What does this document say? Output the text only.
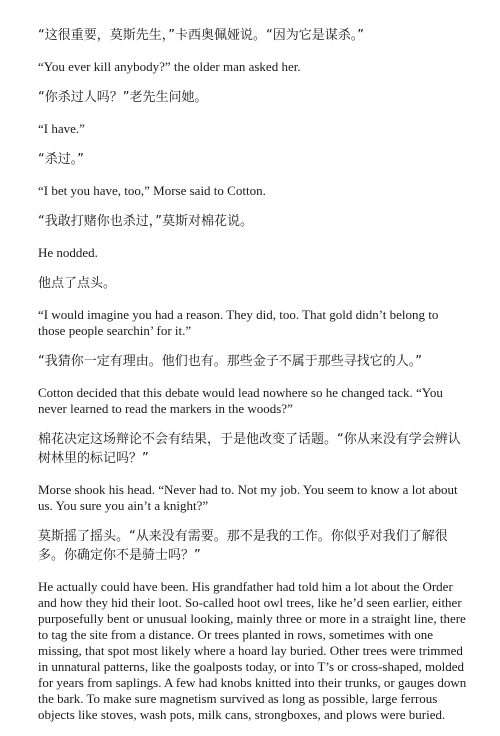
“这很重要，莫斯先生，”卡西奥佩娅说。“因为它是谋杀。”

“You ever kill anybody?” the older man asked her.

“你杀过人吗？”老先生问她。

“I have.”

“杀过。”

“I bet you have, too,” Morse said to Cotton.

“我敢打赌你也杀过，”莫斯对棉花说。

He nodded.

他点了点头。

“I would imagine you had a reason. They did, too. That gold didn’t belong to those people searchin’ for it.”

“我猜你一定有理由。他们也有。那些金子不属于那些寻找它的人。”

Cotton decided that this debate would lead nowhere so he changed tack. “You never learned to read the markers in the woods?”

棉花决定这场辩论不会有结果，于是他改变了话题。“你从来没有学会辨认树林里的标记吗？”

Morse shook his head. “Never had to. Not my job. You seem to know a lot about us. You sure you ain’t a knight?”

莫斯摇了摇头。“从来没有需要。那不是我的工作。你似乎对我们了解很多。你确定你不是骑士吗？”

He actually could have been. His grandfather had told him a lot about the Order and how they hid their loot. So-called hoot owl trees, like he’d seen earlier, either purposefully bent or unusual looking, mainly three or more in a straight line, there to tag the site from a distance. Or trees planted in rows, sometimes with one missing, that spot most likely where a hoard lay buried. Other trees were trimmed in unnatural patterns, like the goalposts today, or into T’s or cross-shaped, molded for years from saplings. A few had knobs knitted into their trunks, or gauges down the bark. To make sure magnetism survived as long as possible, large ferrous objects like stoves, wash pots, milk cans, strongboxes, and plows were buried.
